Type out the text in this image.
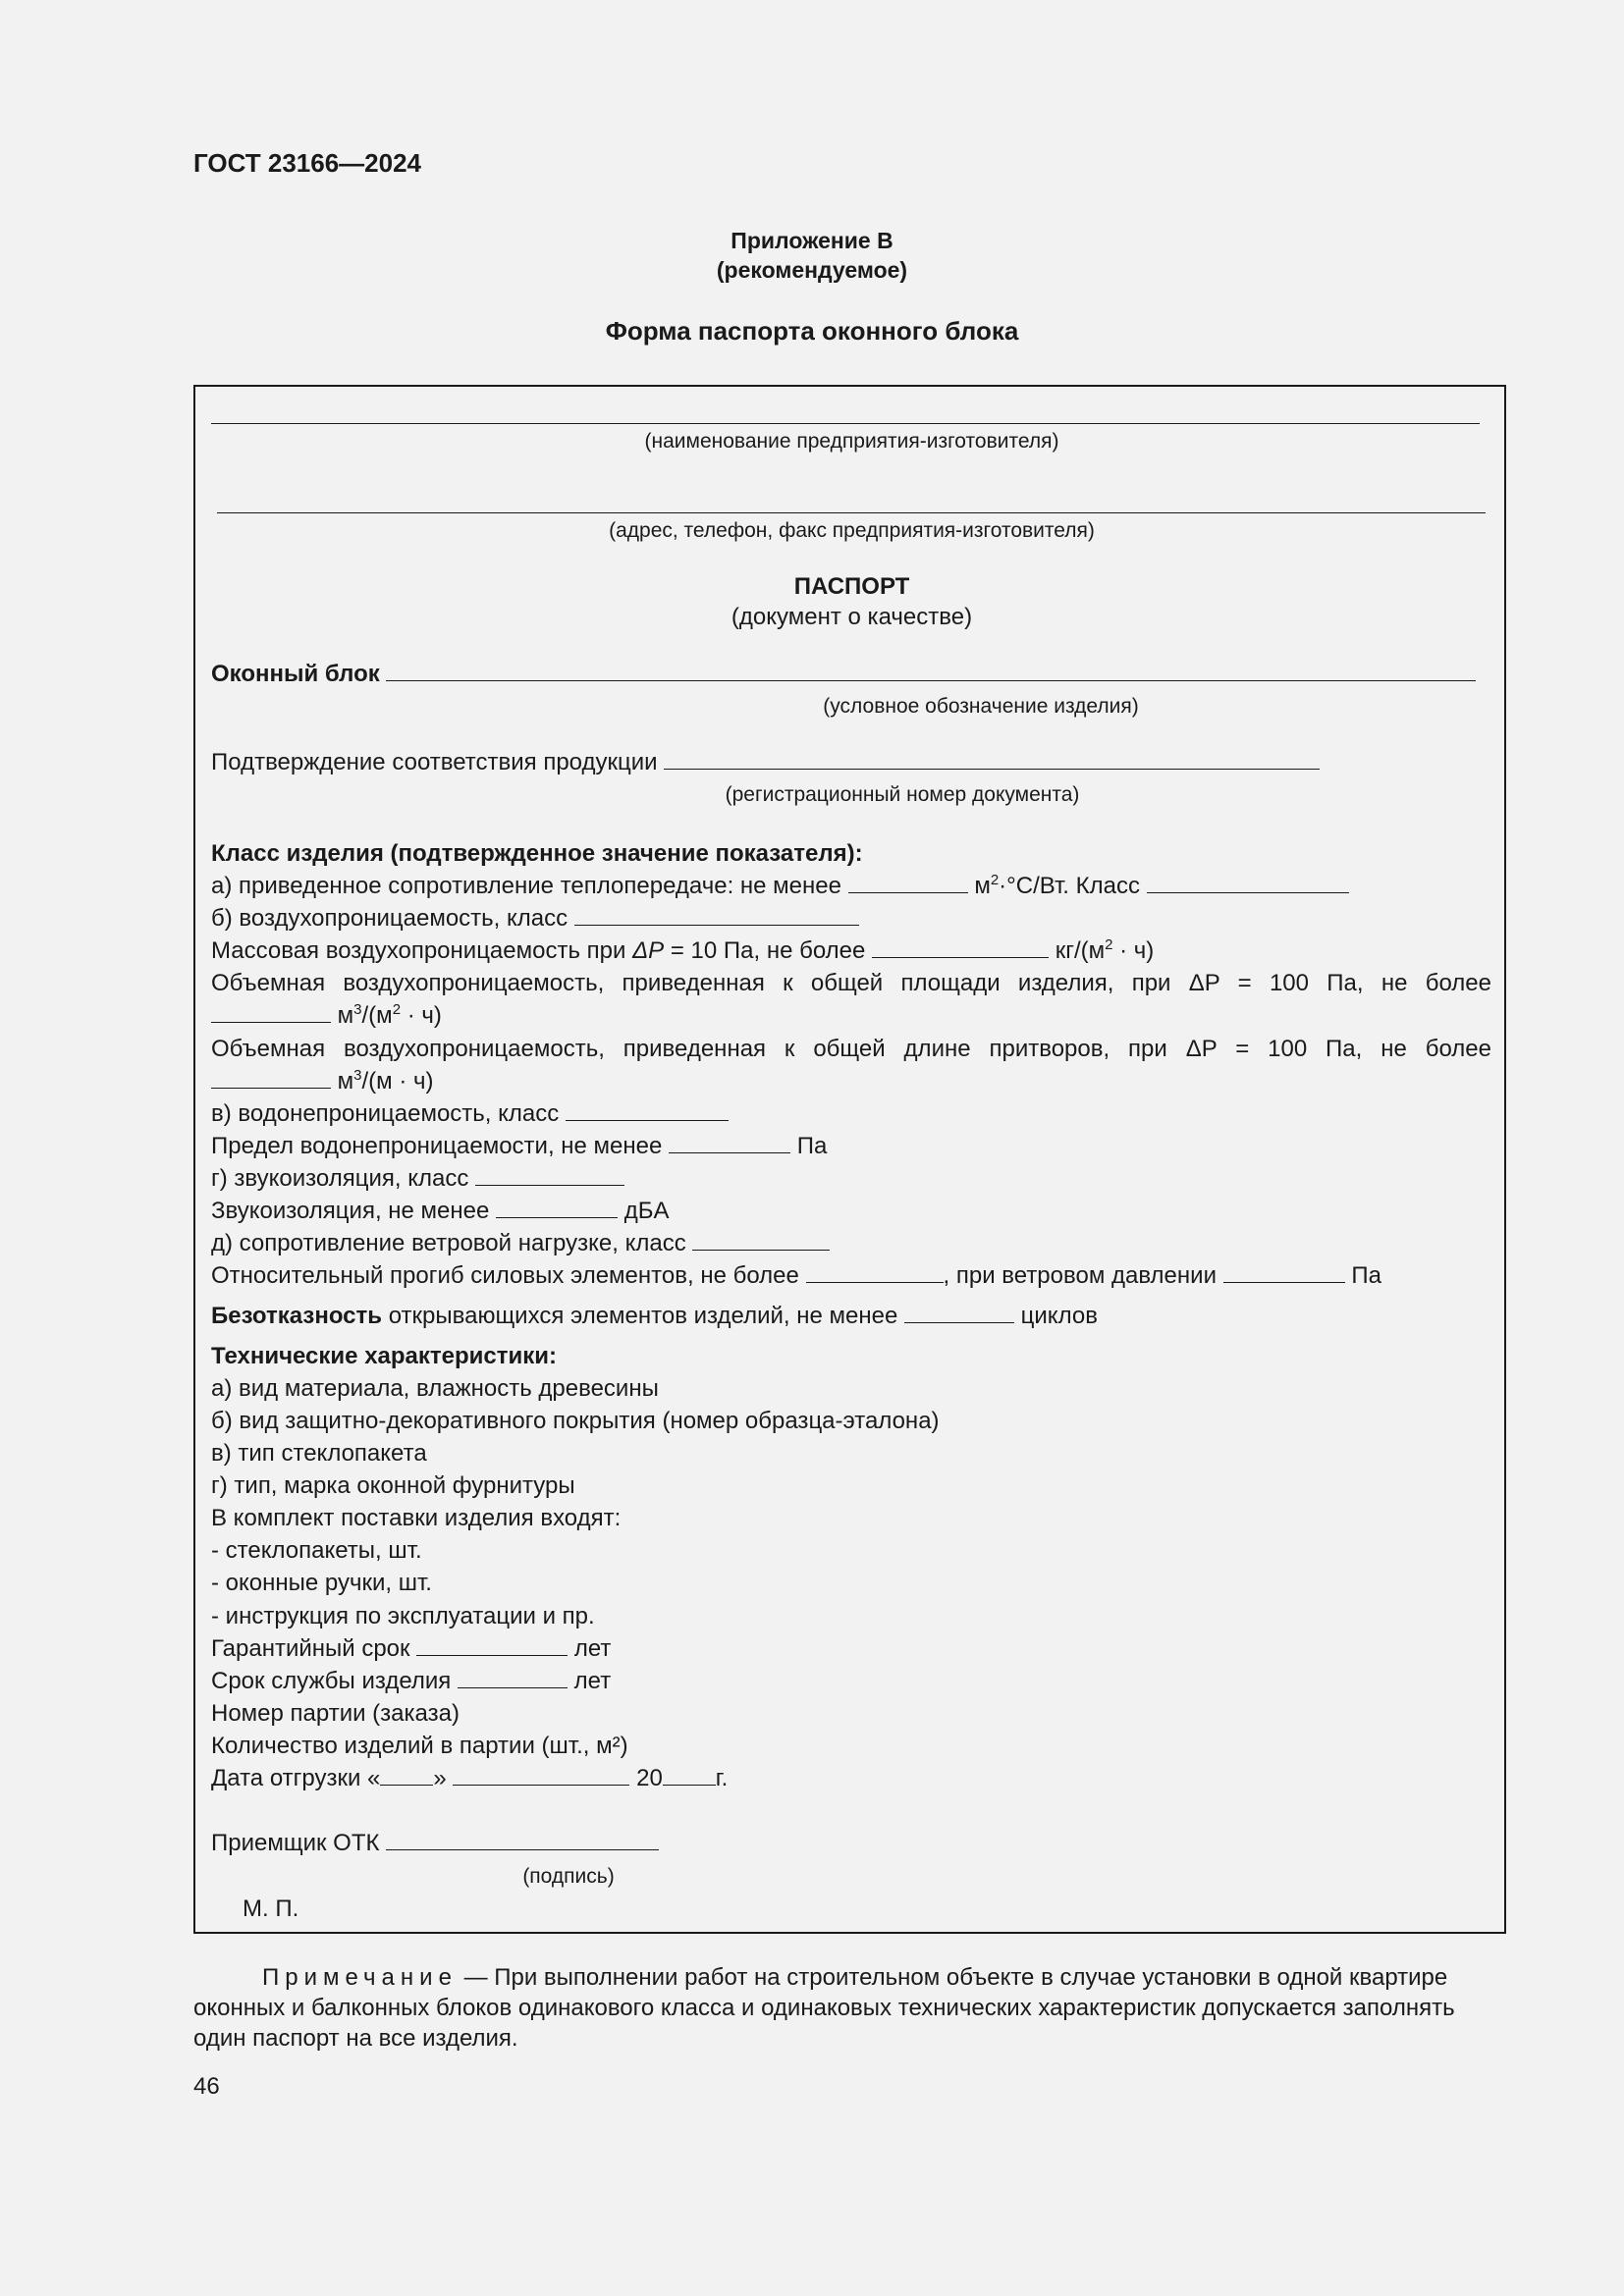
ГОСТ 23166—2024
Приложение В
(рекомендуемое)
Форма паспорта оконного блока
(наименование предприятия-изготовителя)
(адрес, телефон, факс предприятия-изготовителя)
ПАСПОРТ
(документ о качестве)
Оконный блок
(условное обозначение изделия)
Подтверждение соответствия продукции
(регистрационный номер документа)
Класс изделия (подтвержденное значение показателя):
а) приведенное сопротивление теплопередаче: не менее	$м^2\cdot^\circ С/Вт$. Класс
б) воздухопроницаемость, класс
Массовая воздухопроницаемость при ΔP = 10 Па, не более	$кг/(м^2 \cdot ч)$
Объемная воздухопроницаемость, приведенная к общей площади изделия, при ΔP = 100 Па, не более
$м^3/(м^2 \cdot ч)$
Объемная воздухопроницаемость, приведенная к общей длине притворов, при ΔP = 100 Па, не более
$м^3/(м \cdot ч)$
в) водонепроницаемость, класс
Предел водонепроницаемости, не менее	Па
г) звукоизоляция, класс
Звукоизоляция, не менее	дБA
д) сопротивление ветровой нагрузке, класс
Относительный прогиб силовых элементов, не более	, при ветровом давлении	Па
Безотказность открывающихся элементов изделий, не менее	циклов
Технические характеристики:
а) вид материала, влажность древесины
б) вид защитно-декоративного покрытия (номер образца-эталона)
в) тип стеклопакета
г) тип, марка оконной фурнитуры
В комплект поставки изделия входят:
- стеклопакеты, шт.
- оконные ручки, шт.
- инструкция по эксплуатации и пр.
Гарантийный срок	лет
Срок службы изделия	лет
Номер партии (заказа)
Количество изделий в партии (шт., м²)
Дата отгрузки « »	20 г.
Приемщик ОТК
(подпись)
М. П.
Примечание — При выполнении работ на строительном объекте в случае установки в одной квартире оконных и балконных блоков одинакового класса и одинаковых технических характеристик допускается заполнять один паспорт на все изделия.
46
